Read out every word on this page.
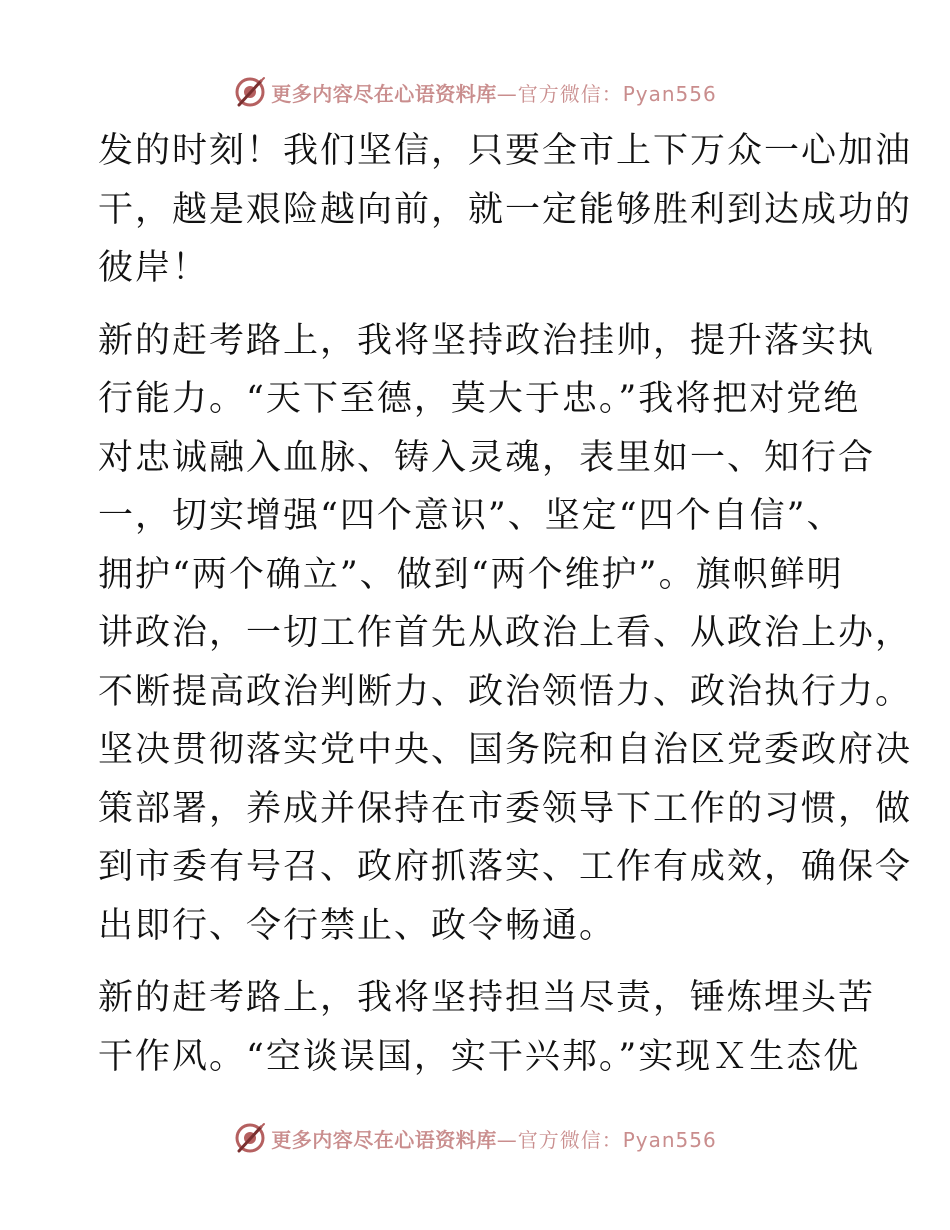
更多内容尽在心语资料库 —官方微信：Pyan556

发的时刻！我们坚信，只要全市上下万众一心加油
干，越是艰险越向前，就一定能够胜利到达成功的
彼岸！

新的赶考路上，我将坚持政治挂帅，提升落实执
行能力。“天下至德，莫大于忠。”我将把对党绝
对忠诚融入血脉、铸入灵魂，表里如一、知行合
一，切实增强“四个意识”、坚定“四个自信”、
拥护“两个确立”、做到“两个维护”。旗帜鲜明
讲政治，一切工作首先从政治上看、从政治上办，
不断提高政治判断力、政治领悟力、政治执行力。
坚决贯彻落实党中央、国务院和自治区党委政府决
策部署，养成并保持在市委领导下工作的习惯，做
到市委有号召、政府抓落实、工作有成效，确保令
出即行、令行禁止、政令畅通。

新的赶考路上，我将坚持担当尽责，锤炼埋头苦
干作风。“空谈误国，实干兴邦。”实现Ｘ生态优

更多内容尽在心语资料库 —官方微信：Pyan556
